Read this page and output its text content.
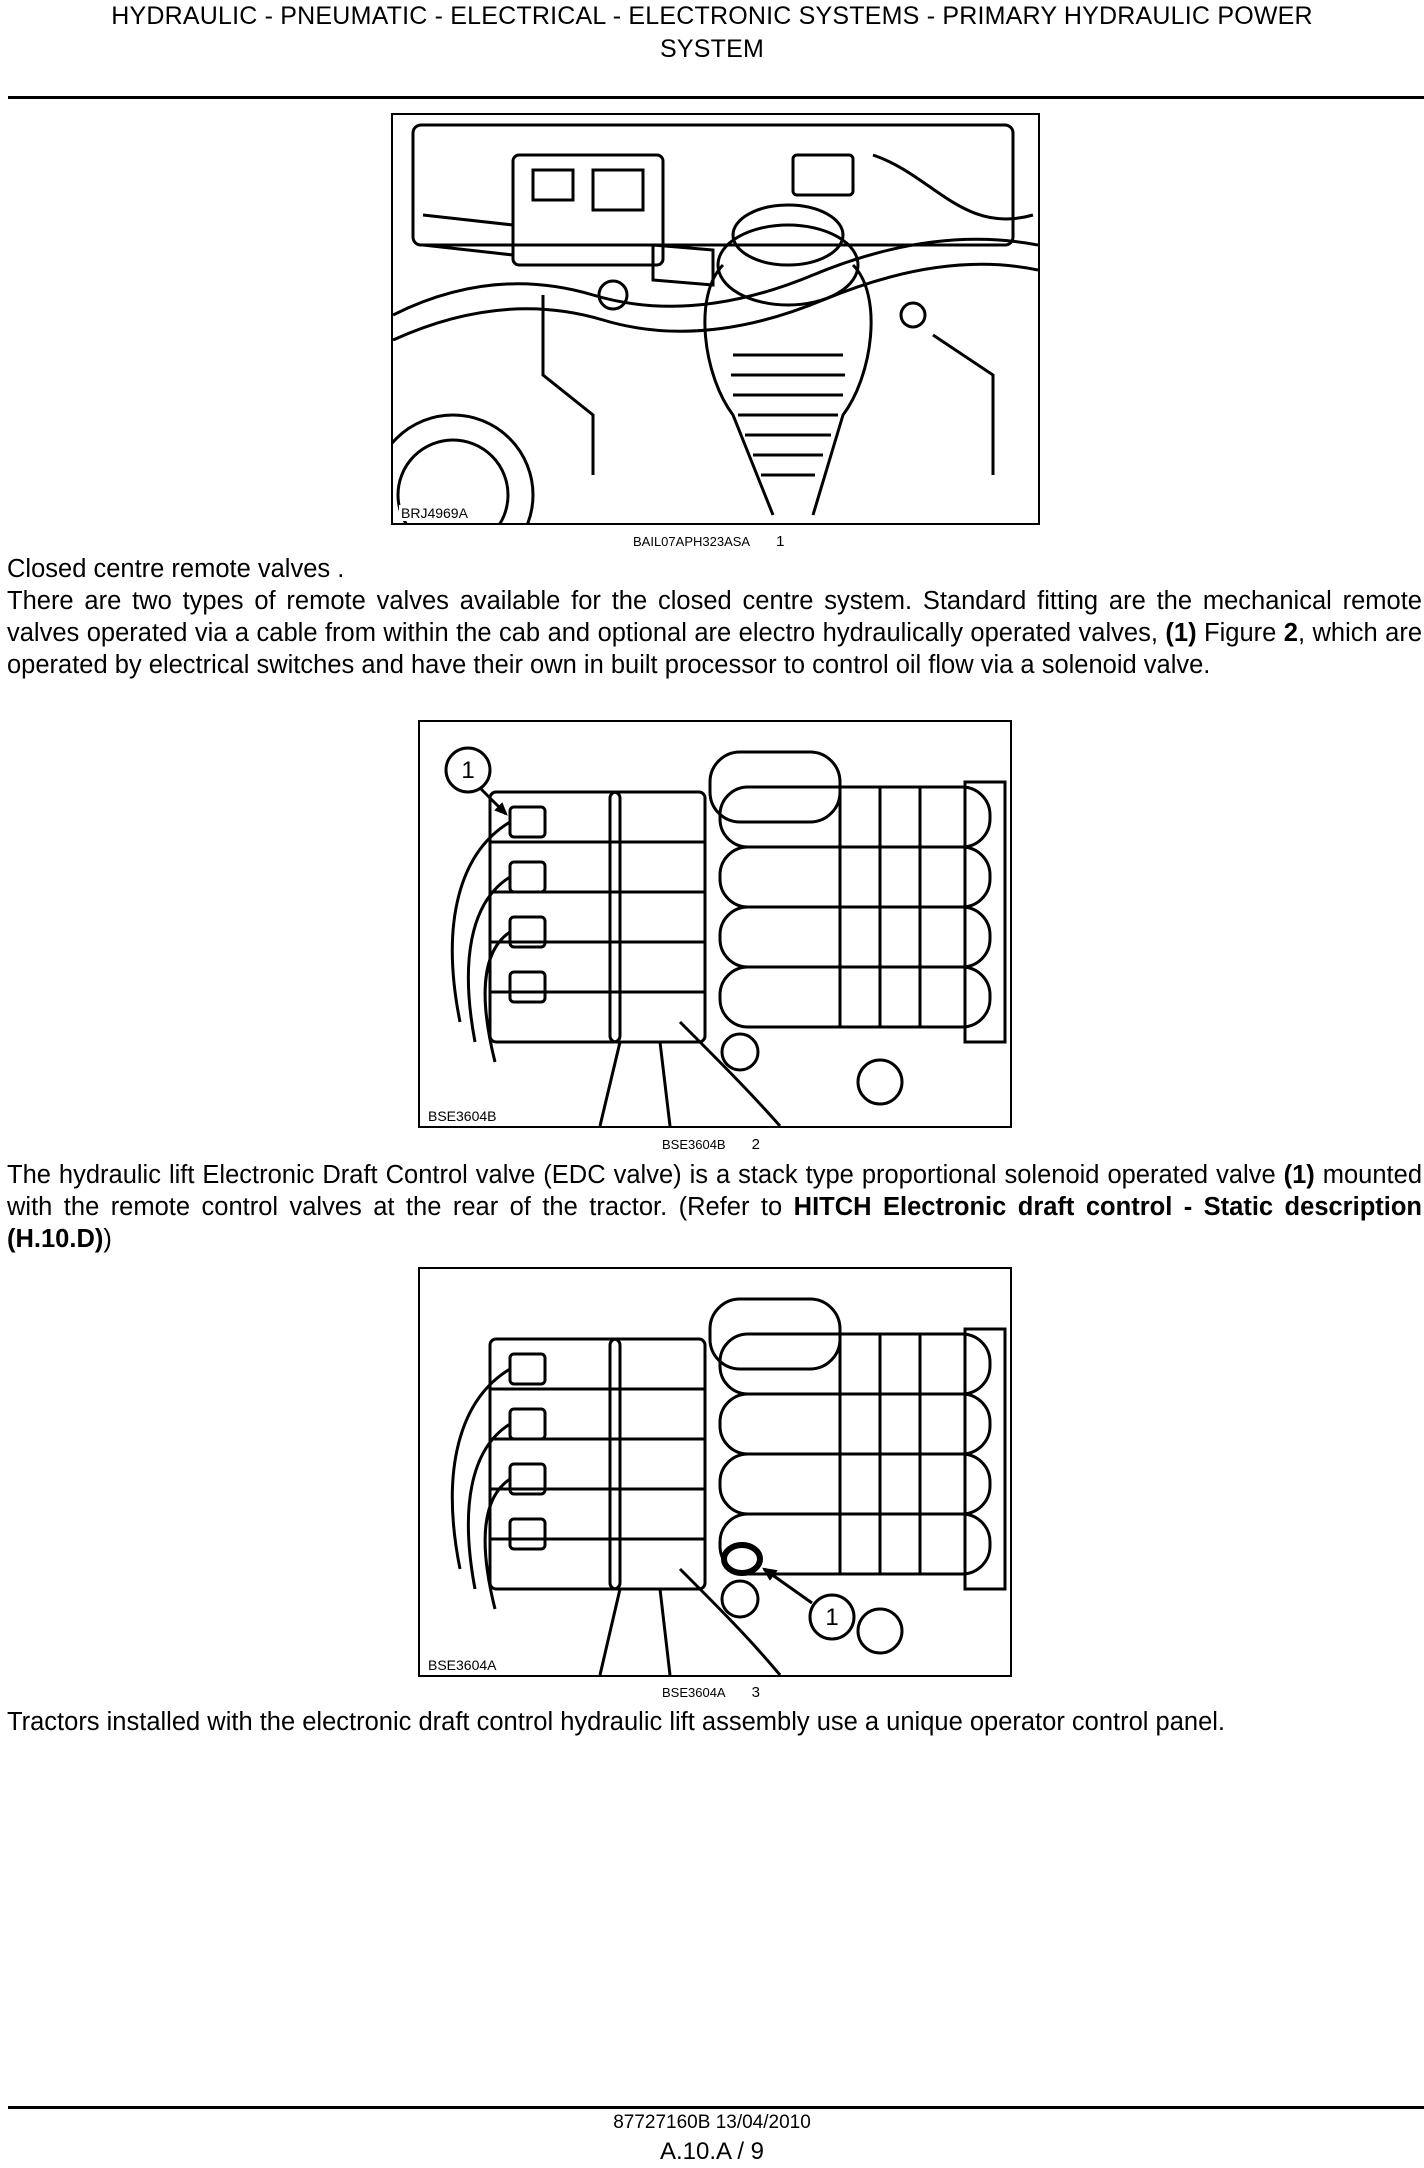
HYDRAULIC - PNEUMATIC - ELECTRICAL - ELECTRONIC SYSTEMS - PRIMARY HYDRAULIC POWER
SYSTEM
BRJ4969A
BAIL07APH323ASA 1
Closed centre remote valves .
There are two types of remote valves available for the closed centre system. Standard fitting are the mechanical remote valves operated via a cable from within the cab and optional are electro hydraulically operated valves, (1) Figure 2, which are operated by electrical switches and have their own in built processor to control oil flow via a solenoid valve.
1
BSE3604B
BSE3604B 2
The hydraulic lift Electronic Draft Control valve (EDC valve) is a stack type proportional solenoid operated valve (1) mounted with the remote control valves at the rear of the tractor. (Refer to HITCH Electronic draft control - Static description (H.10.D))
1
BSE3604A
BSE3604A 3
Tractors installed with the electronic draft control hydraulic lift assembly use a unique operator control panel.
87727160B 13/04/2010
A.10.A / 9
